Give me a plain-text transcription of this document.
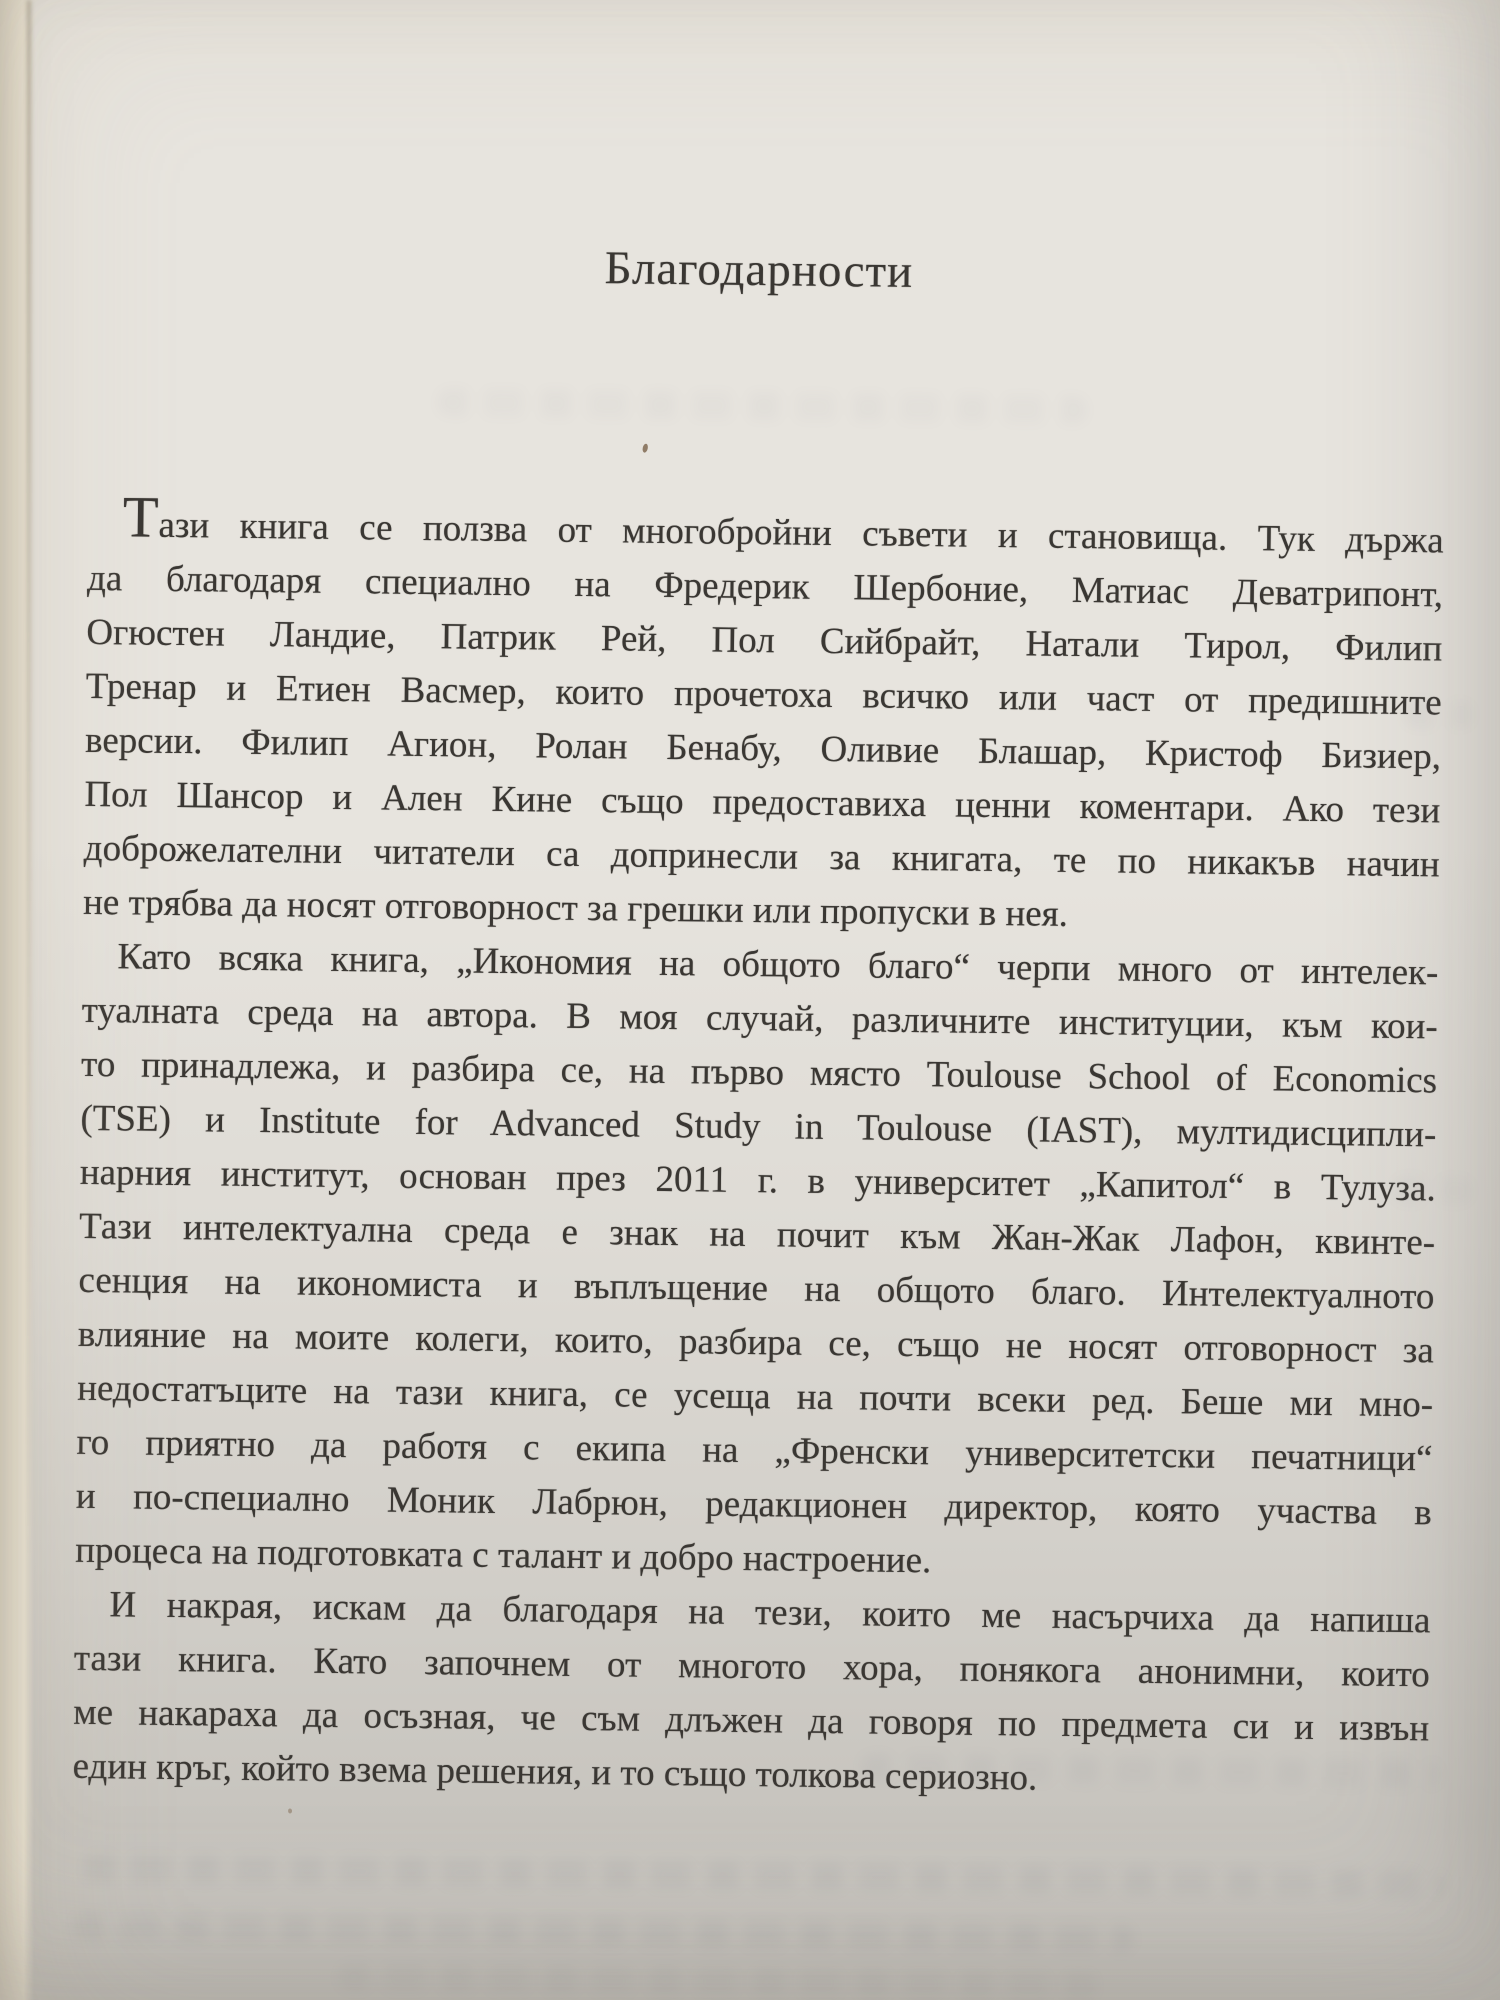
Благодарности

Тази книга се ползва от многобройни съвети и становища. Тук държа
да благодаря специално на Фредерик Шербоние, Матиас Деватрипонт,
Огюстен Ландие, Патрик Рей, Пол Сийбрайт, Натали Тирол, Филип
Тренар и Етиен Васмер, които прочетоха всичко или част от предишните
версии. Филип Агион, Ролан Бенабу, Оливие Блашар, Кристоф Бизиер,
Пол Шансор и Ален Кине също предоставиха ценни коментари. Ако тези
доброжелателни читатели са допринесли за книгата, те по никакъв начин
не трябва да носят отговорност за грешки или пропуски в нея.

Като всяка книга, „Икономия на общото благо“ черпи много от интелек-
туалната среда на автора. В моя случай, различните институции, към кои-
то принадлежа, и разбира се, на първо място Toulouse School of Economics
(TSE) и Institute for Advanced Study in Toulouse (IAST), мултидисципли-
нарния институт, основан през 2011 г. в университет „Капитол“ в Тулуза.
Тази интелектуална среда е знак на почит към Жан-Жак Лафон, квинте-
сенция на икономиста и въплъщение на общото благо. Интелектуалното
влияние на моите колеги, които, разбира се, също не носят отговорност за
недостатъците на тази книга, се усеща на почти всеки ред. Беше ми мно-
го приятно да работя с екипа на „Френски университетски печатници“
и по-специално Моник Лабрюн, редакционен директор, която участва в
процеса на подготовката с талант и добро настроение.

И накрая, искам да благодаря на тези, които ме насърчиха да напиша
тази книга. Като започнем от многото хора, понякога анонимни, които
ме накараха да осъзная, че съм длъжен да говоря по предмета си и извън
един кръг, който взема решения, и то също толкова сериозно.
